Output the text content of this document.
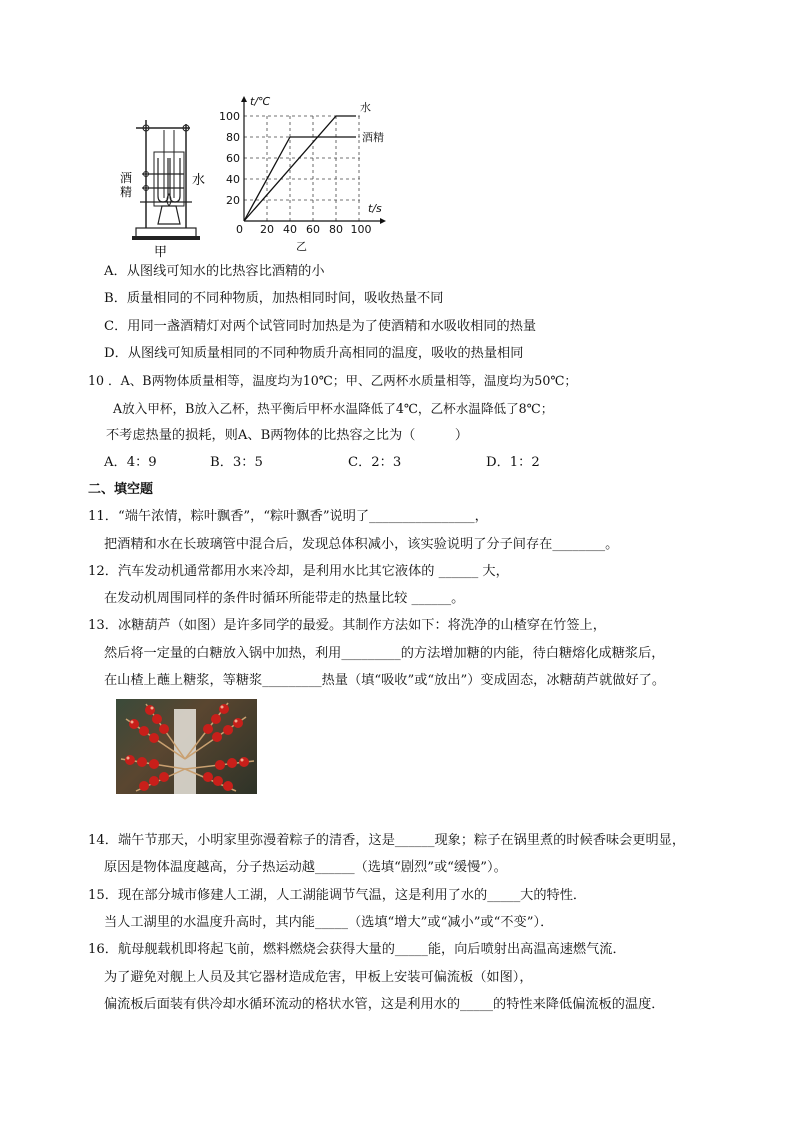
酒
精
水
甲
t/℃
t/s
100
80
60
40
20
0 20 40 60 80 100
水
酒精
乙
A．从图线可知水的比热容比酒精的小
B．质量相同的不同种物质，加热相同时间，吸收热量不同
C．用同一盏酒精灯对两个试管同时加热是为了使酒精和水吸收相同的热量
D．从图线可知质量相同的不同种物质升高相同的温度，吸收的热量相同
10 ．A、B两物体质量相等，温度均为10℃；甲、乙两杯水质量相等，温度均为50℃；
A放入甲杯，B放入乙杯，热平衡后甲杯水温降低了4℃，乙杯水温降低了8℃；
不考虑热量的损耗，则A、B两物体的比热容之比为（　　　）
A．4：9	B．3：5	C．2：3	D．1：2
二、填空题
11．“端午浓情，粽叶飘香”，“粽叶飘香”说明了________________，
把酒精和水在长玻璃管中混合后，发现总体积减小，该实验说明了分子间存在________。
12．汽车发动机通常都用水来冷却，是利用水比其它液体的 ______ 大，
在发动机周围同样的条件时循环所能带走的热量比较 ______。
13．冰糖葫芦（如图）是许多同学的最爱。其制作方法如下：将洗净的山楂穿在竹签上，
然后将一定量的白糖放入锅中加热，利用_________的方法增加糖的内能，待白糖熔化成糖浆后，
在山楂上蘸上糖浆，等糖浆_________热量（填“吸收”或“放出”）变成固态，冰糖葫芦就做好了。
14．端午节那天，小明家里弥漫着粽子的清香，这是______现象；粽子在锅里煮的时候香味会更明显，
原因是物体温度越高，分子热运动越______（选填“剧烈”或“缓慢”）。
15．现在部分城市修建人工湖，人工湖能调节气温，这是利用了水的_____大的特性．
当人工湖里的水温度升高时，其内能_____（选填“增大”或“减小”或“不变”）．
16．航母舰载机即将起飞前，燃料燃烧会获得大量的_____能，向后喷射出高温高速燃气流．
为了避免对舰上人员及其它器材造成危害，甲板上安装可偏流板（如图），
偏流板后面装有供冷却水循环流动的格状水管，这是利用水的_____的特性来降低偏流板的温度．
